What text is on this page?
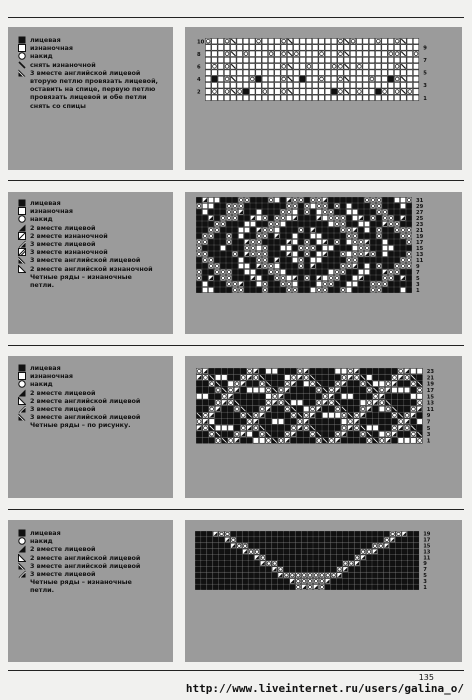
лицевая
изнаночная
накид
снять изнаночной
3 вместе английской лицевой вторую петлю провязать лицевой, оставить на спице, первую петлю провязать лицевой и обе петли снять со спицы
лицевая
изнаночная
накид
2 вместе лицевой
2 вместе изнаночной
3 вместе лицевой
3 вместе изнаночной
3 вместе английской лицевой
2 вместе английской изнаночной
Четные ряды – изнаночные петли.
лицевая
изнаночная
накид
2 вместе лицевой
2 вместе английской лицевой
3 вместе лицевой
3 вместе английской лицевой
Четные ряды – по рисунку.
лицевая
накид
2 вместе лицевой
2 вместе английской лицевой
3 вместе английской лицевой
3 вместе лицевой
Четные ряды – изнаночные петли.
1
3
5
7
9
2
4
6
8
10
1
3
5
7
9
11
13
15
17
19
21
23
25
27
29
31
1
3
5
7
9
11
13
15
17
19
21
23
1
3
5
7
9
11
13
15
17
19
135
http://www.liveinternet.ru/users/galina_o/
